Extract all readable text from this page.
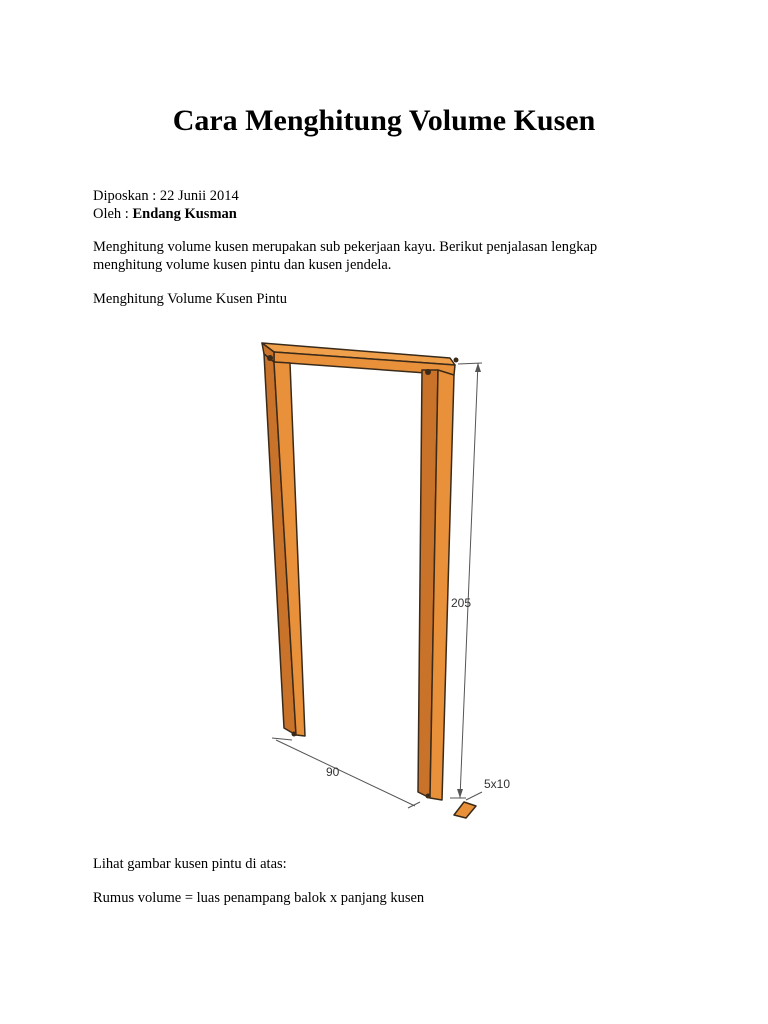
Cara Menghitung Volume Kusen
Diposkan : 22 Junii 2014
Oleh : Endang Kusman
Menghitung volume kusen merupakan sub pekerjaan kayu. Berikut penjalasan lengkap
menghitung volume kusen pintu dan kusen jendela.

Menghitung Volume Kusen Pintu

205
90
5x10

Lihat gambar kusen pintu di atas:

Rumus volume = luas penampang balok x panjang kusen
